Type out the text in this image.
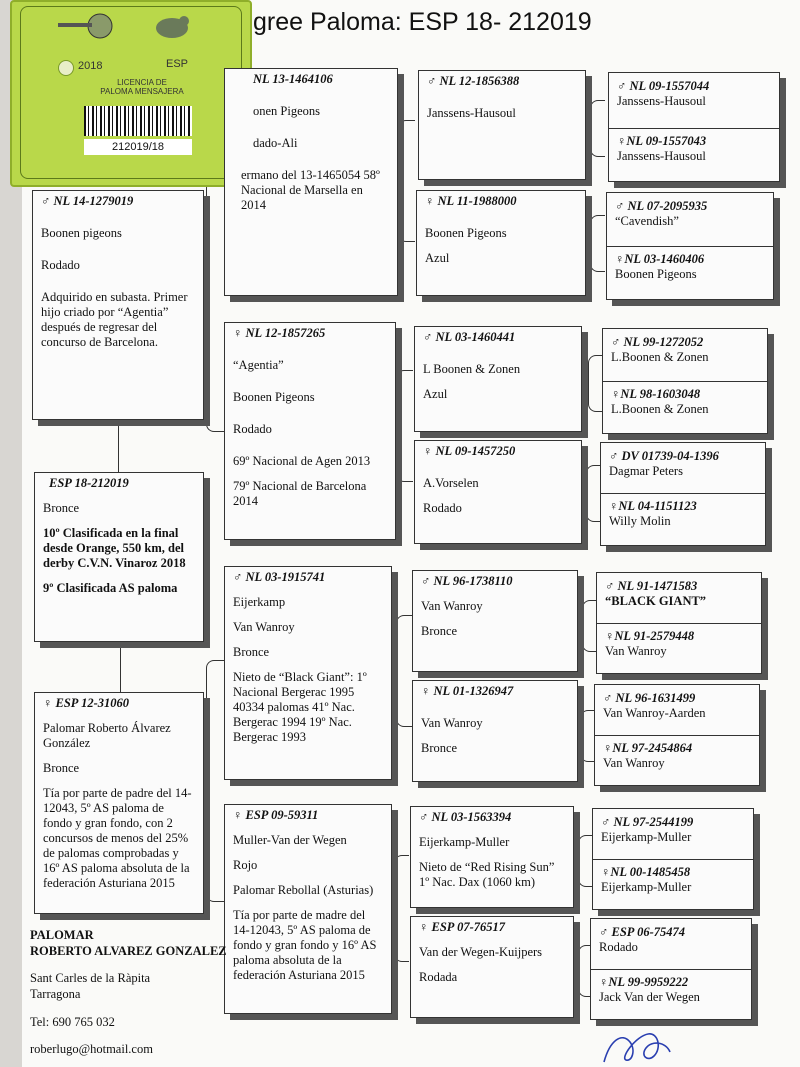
gree Paloma: ESP 18- 212019
2018	ESP
LICENCIA DE
PALOMA MENSAJERA
212019/18

ESP 18-212019

Bronce

10º Clasificada en la final desde Orange, 550 km, del derby C.V.N. Vinaroz 2018

9º Clasificada AS paloma

♂ NL 14-1279019

Boonen pigeons

Rodado

Adquirido en subasta. Primer hijo criado por “Agentia” después de regresar del concurso de Barcelona.

♀ ESP 12-31060

Palomar Roberto Álvarez González

Bronce

Tía por parte de padre del 14-12043, 5º AS paloma de fondo y gran fondo, con 2 concursos de menos del 25% de palomas comprobadas y 16º AS paloma absoluta de la federación Asturiana 2015

NL 13-1464106

onen Pigeons

dado-Ali

ermano del 13-1465054 58º Nacional de Marsella en 2014

♀ NL 12-1857265

“Agentia”

Boonen Pigeons

Rodado

69º Nacional de Agen 2013

79º Nacional de Barcelona 2014

♂ NL 03-1915741

Eijerkamp

Van Wanroy

Bronce

Nieto de “Black Giant”: 1º Nacional Bergerac 1995 40334 palomas 41º Nac. Bergerac 1994 19º Nac. Bergerac 1993

♀ ESP 09-59311

Muller-Van der Wegen

Rojo

Palomar Rebollal (Asturias)

Tía por parte de madre del 14-12043, 5º AS paloma de fondo y gran fondo y 16º AS paloma absoluta de la federación Asturiana 2015

♂ NL 12-1856388

Janssens-Hausoul

♀ NL 11-1988000

Boonen Pigeons

Azul

♂ NL 03-1460441

L Boonen & Zonen

Azul

♀ NL 09-1457250

A.Vorselen

Rodado

♂ NL 96-1738110

Van Wanroy

Bronce

♀ NL 01-1326947

Van Wanroy

Bronce

♂ NL 03-1563394

Eijerkamp-Muller

Nieto de “Red Rising Sun” 1º Nac. Dax (1060 km)

♀ ESP 07-76517

Van der Wegen-Kuijpers

Rodada

♂ NL 09-1557044

Janssens-Hausoul

♀NL 09-1557043

Janssens-Hausoul

♂ NL 07-2095935

“Cavendish”

♀NL 03-1460406

Boonen Pigeons

♂ NL 99-1272052

L.Boonen & Zonen

♀NL 98-1603048

L.Boonen & Zonen

♂ DV 01739-04-1396

Dagmar Peters

♀NL 04-1151123

Willy Molin

♂ NL 91-1471583

“BLACK GIANT”

♀NL 91-2579448

Van Wanroy

♂ NL 96-1631499

Van Wanroy-Aarden

♀NL 97-2454864

Van Wanroy

♂ NL 97-2544199

Eijerkamp-Muller

♀NL 00-1485458

Eijerkamp-Muller

♂ ESP 06-75474

Rodado

♀NL 99-9959222

Jack Van der Wegen

PALOMAR

ROBERTO ALVAREZ GONZALEZ

Sant Carles de la Ràpita

Tarragona

Tel: 690 765 032

roberlugo@hotmail.com
